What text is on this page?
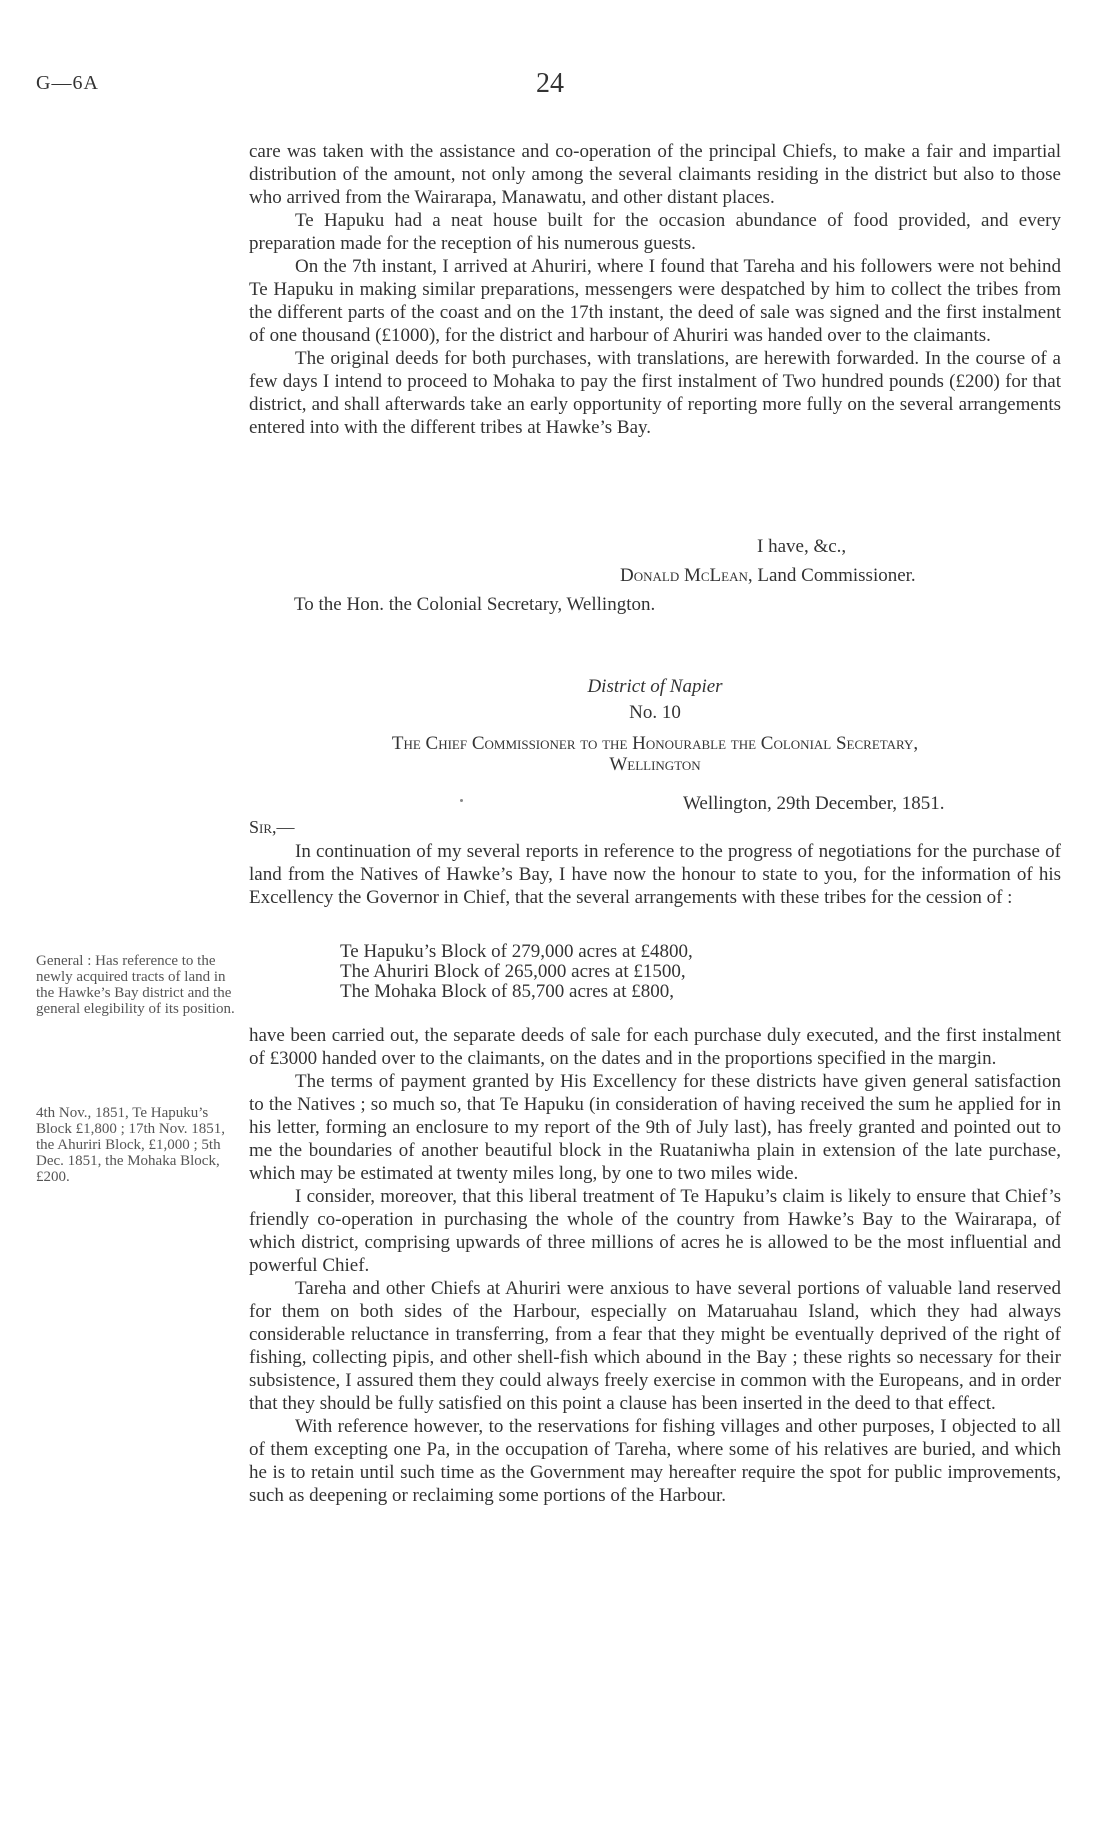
G—6A	24

care was taken with the assistance and co-operation of the principal Chiefs, to make a fair and impartial distribution of the amount, not only among the several claimants residing in the district but also to those who arrived from the Wairarapa, Manawatu, and other distant places.

Te Hapuku had a neat house built for the occasion abundance of food provided, and every preparation made for the reception of his numerous guests.

On the 7th instant, I arrived at Ahuriri, where I found that Tareha and his followers were not behind Te Hapuku in making similar preparations, messengers were despatched by him to collect the tribes from the different parts of the coast and on the 17th instant, the deed of sale was signed and the first instalment of one thousand (£1000), for the district and harbour of Ahuriri was handed over to the claimants.

The original deeds for both purchases, with translations, are herewith forwarded. In the course of a few days I intend to proceed to Mohaka to pay the first instalment of Two hundred pounds (£200) for that district, and shall afterwards take an early opportunity of reporting more fully on the several arrangements entered into with the different tribes at Hawke’s Bay.

I have, &c.,
Donald McLean, Land Commissioner.
To the Hon. the Colonial Secretary, Wellington.
District of Napier
No. 10
The Chief Commissioner to the Honourable the Colonial Secretary,
Wellington
Wellington, 29th December, 1851.
Sir,—

In continuation of my several reports in reference to the progress of negotiations for the purchase of land from the Natives of Hawke’s Bay, I have now the honour to state to you, for the information of his Excellency the Governor in Chief, that the several arrangements with these tribes for the cession of :

Te Hapuku’s Block of 279,000 acres at £4800,
The Ahuriri Block of 265,000 acres at £1500,
The Mohaka Block of 85,700 acres at £800,

have been carried out, the separate deeds of sale for each purchase duly executed, and the first instalment of £3000 handed over to the claimants, on the dates and in the proportions specified in the margin.

The terms of payment granted by His Excellency for these districts have given general satisfaction to the Natives ; so much so, that Te Hapuku (in consideration of having received the sum he applied for in his letter, forming an enclosure to my report of the 9th of July last), has freely granted and pointed out to me the boundaries of another beautiful block in the Ruataniwha plain in extension of the late purchase, which may be estimated at twenty miles long, by one to two miles wide.

I consider, moreover, that this liberal treatment of Te Hapuku’s claim is likely to ensure that Chief’s friendly co-operation in purchasing the whole of the country from Hawke’s Bay to the Wairarapa, of which district, comprising upwards of three millions of acres he is allowed to be the most influential and powerful Chief.

Tareha and other Chiefs at Ahuriri were anxious to have several portions of valuable land reserved for them on both sides of the Harbour, especially on Mataruahau Island, which they had always considerable reluctance in transferring, from a fear that they might be eventually deprived of the right of fishing, collecting pipis, and other shell-fish which abound in the Bay ; these rights so necessary for their subsistence, I assured them they could always freely exercise in common with the Europeans, and in order that they should be fully satisfied on this point a clause has been inserted in the deed to that effect.

With reference however, to the reservations for fishing villages and other purposes, I objected to all of them excepting one Pa, in the occupation of Tareha, where some of his relatives are buried, and which he is to retain until such time as the Government may hereafter require the spot for public improvements, such as deepening or reclaiming some portions of the Harbour.

General : Has reference to the newly acquired tracts of land in the Hawke’s Bay district and the general elegibility of its position.
4th Nov., 1851, Te Hapuku’s Block £1,800 ; 17th Nov. 1851, the Ahuriri Block, £1,000 ; 5th Dec. 1851, the Mohaka Block, £200.
